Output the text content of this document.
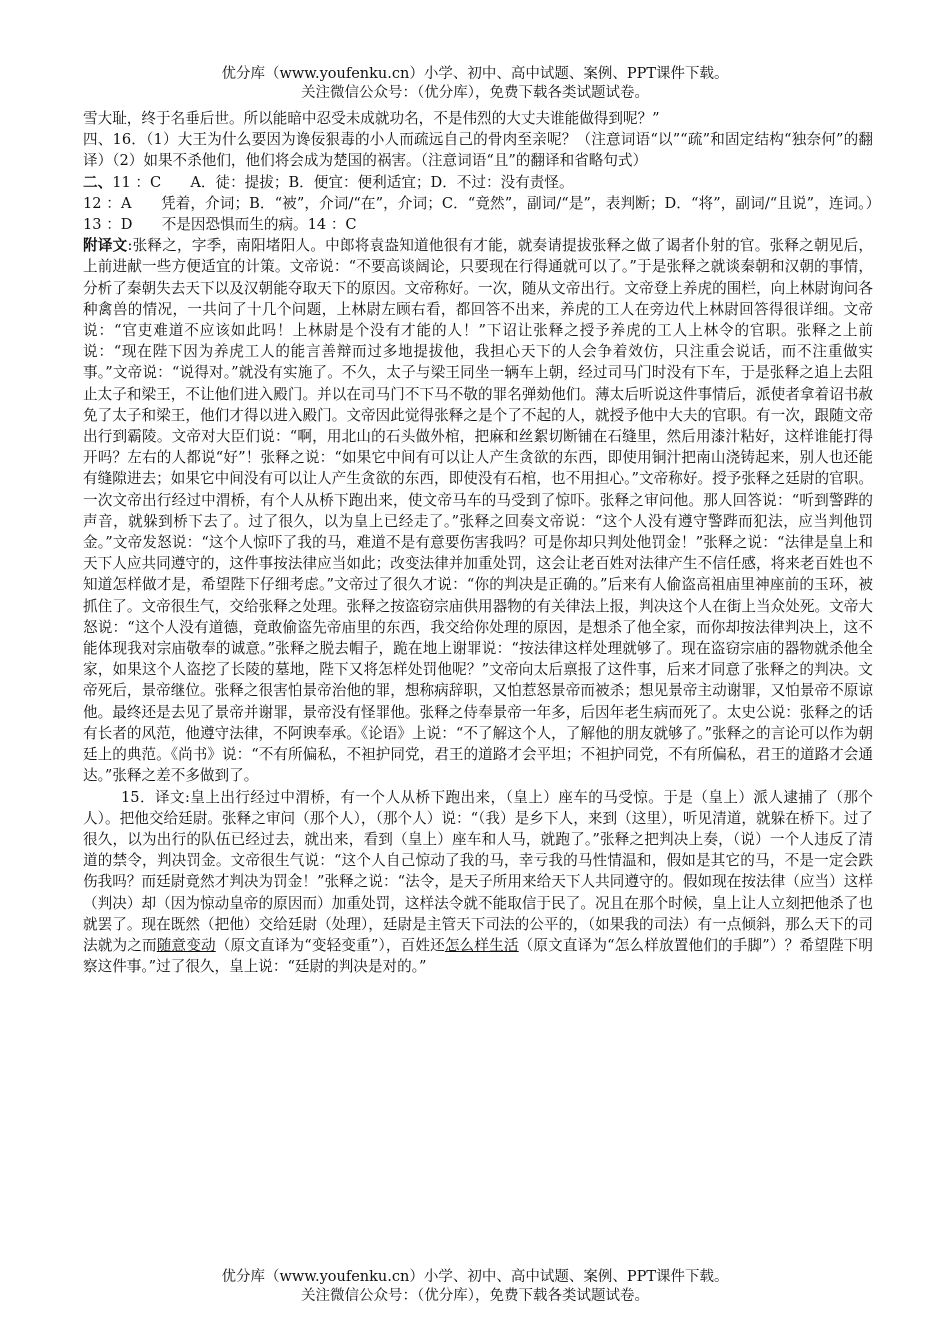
优分库（www.youfenku.cn）小学、初中、高中试题、案例、PPT课件下载。
关注微信公众号：（优分库），免费下载各类试题试卷。

雪大耻，终于名垂后世。所以能暗中忍受未成就功名，不是伟烈的大丈夫谁能做得到呢？”

四、16．（1）大王为什么要因为谗佞狠毒的小人而疏远自己的骨肉至亲呢？（注意词语“以”“疏”和固定结构“独奈何”的翻译）（2）如果不杀他们，他们将会成为楚国的祸害。（注意词语“且”的翻译和省略句式）

二、11 ：C　　A．徒：提拔；B．便宜：便利适宜；D．不过：没有责怪。

12 ：A　　凭着，介词；B．“被”，介词/“在”，介词；C．“竟然”，副词/“是”，表判断；D．“将”，副词/“且说”，连词。）　13 ：D　　不是因恐惧而生的病。14 ：C

附译文:张释之，字季，南阳堵阳人。中郎将袁盎知道他很有才能，就奏请提拔张释之做了谒者仆射的官。张释之朝见后，上前进献一些方便适宜的计策。文帝说：“不要高谈阔论，只要现在行得通就可以了。”于是张释之就谈秦朝和汉朝的事情，分析了秦朝失去天下以及汉朝能夺取天下的原因。文帝称好。一次，随从文帝出行。文帝登上养虎的围栏，向上林尉询问各种禽兽的情况，一共问了十几个问题，上林尉左顾右看，都回答不出来，养虎的工人在旁边代上林尉回答得很详细。文帝说：“官吏难道不应该如此吗！上林尉是个没有才能的人！”下诏让张释之授予养虎的工人上林令的官职。张释之上前说：“现在陛下因为养虎工人的能言善辩而过多地提拔他，我担心天下的人会争着效仿，只注重会说话，而不注重做实事。”文帝说：“说得对。”就没有实施了。不久，太子与梁王同坐一辆车上朝，经过司马门时没有下车，于是张释之追上去阻止太子和梁王，不让他们进入殿门。并以在司马门不下马不敬的罪名弹劾他们。薄太后听说这件事情后，派使者拿着诏书赦免了太子和梁王，他们才得以进入殿门。文帝因此觉得张释之是个了不起的人，就授予他中大夫的官职。有一次，跟随文帝出行到霸陵。文帝对大臣们说：“啊，用北山的石头做外棺，把麻和丝絮切断铺在石缝里，然后用漆汁粘好，这样谁能打得开吗？左右的人都说“好”！张释之说：“如果它中间有可以让人产生贪欲的东西，即使用铜汁把南山浇铸起来，别人也还能有缝隙进去；如果它中间没有可以让人产生贪欲的东西，即使没有石棺，也不用担心。”文帝称好。授予张释之廷尉的官职。一次文帝出行经过中渭桥，有个人从桥下跑出来，使文帝马车的马受到了惊吓。张释之审问他。那人回答说：“听到警跸的声音，就躲到桥下去了。过了很久，以为皇上已经走了。”张释之回奏文帝说：“这个人没有遵守警跸而犯法，应当判他罚金。”文帝发怒说：“这个人惊吓了我的马，难道不是有意要伤害我吗？可是你却只判处他罚金！”张释之说：“法律是皇上和天下人应共同遵守的，这件事按法律应当如此；改变法律并加重处罚，这会让老百姓对法律产生不信任感，将来老百姓也不知道怎样做才是，希望陛下仔细考虑。”文帝过了很久才说：“你的判决是正确的。”后来有人偷盗高祖庙里神座前的玉环，被抓住了。文帝很生气，交给张释之处理。张释之按盗窃宗庙供用器物的有关律法上报，判决这个人在街上当众处死。文帝大怒说：“这个人没有道德，竟敢偷盗先帝庙里的东西，我交给你处理的原因，是想杀了他全家，而你却按法律判决上，这不能体现我对宗庙敬奉的诚意。”张释之脱去帽子，跪在地上谢罪说：“按法律这样处理就够了。现在盗窃宗庙的器物就杀他全家，如果这个人盗挖了长陵的墓地，陛下又将怎样处罚他呢？”文帝向太后禀报了这件事，后来才同意了张释之的判决。文帝死后，景帝继位。张释之很害怕景帝治他的罪，想称病辞职，又怕惹怒景帝而被杀；想见景帝主动谢罪，又怕景帝不原谅他。最终还是去见了景帝并谢罪，景帝没有怪罪他。张释之侍奉景帝一年多，后因年老生病而死了。太史公说：张释之的话有长者的风范，他遵守法律，不阿谀奉承。《论语》上说：“不了解这个人，了解他的朋友就够了。”张释之的言论可以作为朝廷上的典范。《尚书》说：“不有所偏私，不袒护同党，君王的道路才会平坦；不袒护同党，不有所偏私，君王的道路才会通达。”张释之差不多做到了。

15．译文:皇上出行经过中渭桥，有一个人从桥下跑出来，（皇上）座车的马受惊。于是（皇上）派人逮捕了（那个人）。把他交给廷尉。张释之审问（那个人），（那个人）说：“（我）是乡下人，来到（这里），听见清道，就躲在桥下。过了很久，以为出行的队伍已经过去，就出来，看到（皇上）座车和人马，就跑了。”张释之把判决上奏，（说）一个人违反了清道的禁令，判决罚金。文帝很生气说：“这个人自己惊动了我的马，幸亏我的马性情温和，假如是其它的马，不是一定会跌伤我吗？而廷尉竟然才判决为罚金！”张释之说：“法令，是天子所用来给天下人共同遵守的。假如现在按法律（应当）这样（判决）却（因为惊动皇帝的原因而）加重处罚，这样法令就不能取信于民了。况且在那个时候，皇上让人立刻把他杀了也就罢了。现在既然（把他）交给廷尉（处理），廷尉是主管天下司法的公平的，（如果我的司法）有一点倾斜，那么天下的司法就为之而随意变动（原文直译为“变轻变重”），百姓还怎么样生活（原文直译为“怎么样放置他们的手脚”）？希望陛下明察这件事。”过了很久，皇上说：“廷尉的判决是对的。”

优分库（www.youfenku.cn）小学、初中、高中试题、案例、PPT课件下载。
关注微信公众号：（优分库），免费下载各类试题试卷。
